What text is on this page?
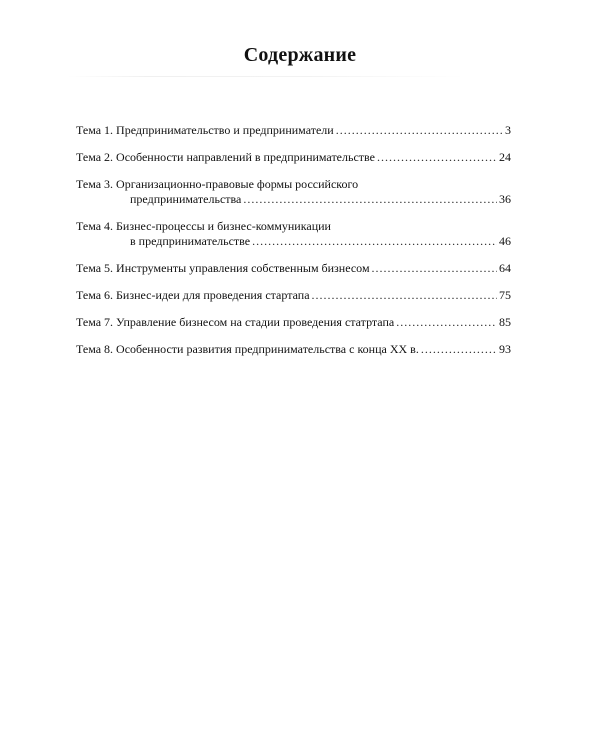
Содержание
Тема 1. Предпринимательство и предприниматели .....	3
Тема 2. Особенности направлений в предпринимательстве .....	24
Тема 3. Организационно-правовые формы российского
предпринимательства .....	36
Тема 4. Бизнес-процессы и бизнес-коммуникации
в предпринимательстве .....	46
Тема 5. Инструменты управления собственным бизнесом .....	64
Тема 6. Бизнес-идеи для проведения стартапа .....	75
Тема 7. Управление бизнесом на стадии проведения статртапа .....	85
Тема 8. Особенности развития предпринимательства с конца XX в. .....	93
